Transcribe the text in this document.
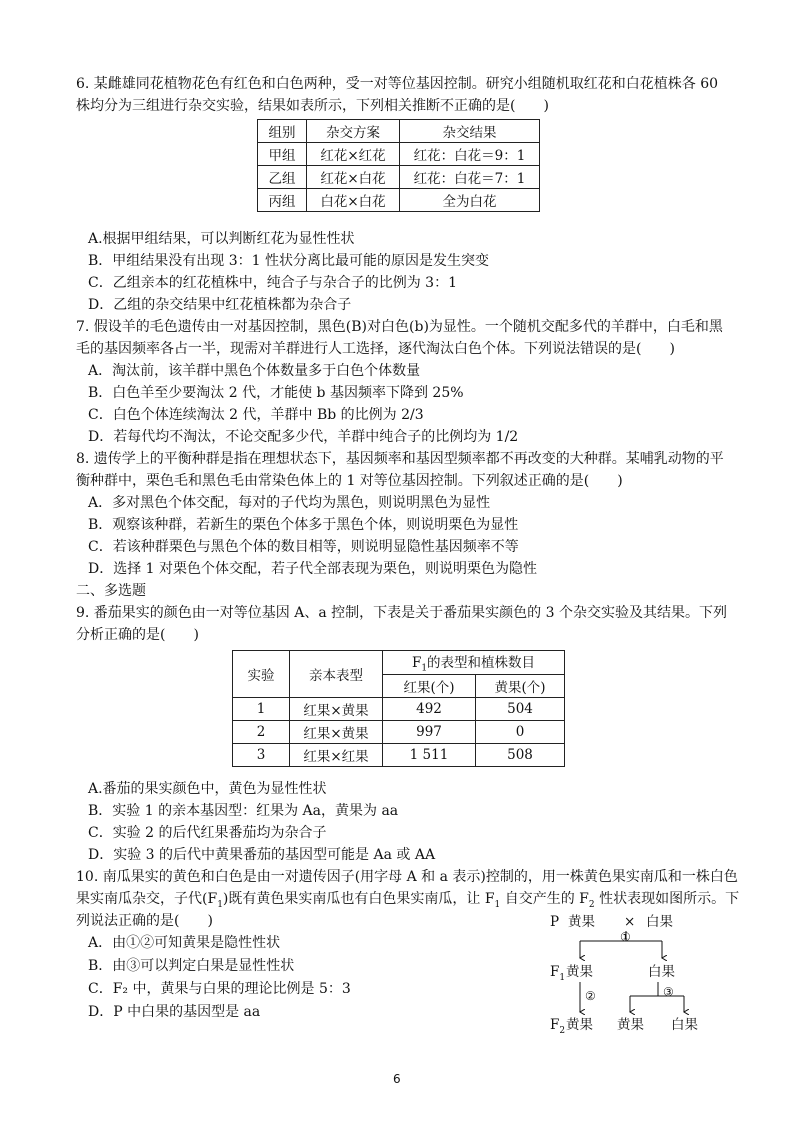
6. 某雌雄同花植物花色有红色和白色两种，受一对等位基因控制。研究小组随机取红花和白花植株各 60
株均分为三组进行杂交实验，结果如表所示，下列相关推断不正确的是(　　)
组别	杂交方案	杂交结果
甲组	红花×红花	红花：白花＝9：1
乙组	红花×白花	红花：白花＝7：1
丙组	白花×白花	全为白花
A.根据甲组结果，可以判断红花为显性性状
B．甲组结果没有出现 3：1 性状分离比最可能的原因是发生突变
C．乙组亲本的红花植株中，纯合子与杂合子的比例为 3：1
D．乙组的杂交结果中红花植株都为杂合子
7. 假设羊的毛色遗传由一对基因控制，黑色(B)对白色(b)为显性。一个随机交配多代的羊群中，白毛和黑
毛的基因频率各占一半，现需对羊群进行人工选择，逐代淘汰白色个体。下列说法错误的是(　　)
A．淘汰前，该羊群中黑色个体数量多于白色个体数量
B．白色羊至少要淘汰 2 代，才能使 b 基因频率下降到 25%
C．白色个体连续淘汰 2 代，羊群中 Bb 的比例为 2/3
D．若每代均不淘汰，不论交配多少代，羊群中纯合子的比例均为 1/2
8. 遗传学上的平衡种群是指在理想状态下，基因频率和基因型频率都不再改变的大种群。某哺乳动物的平
衡种群中，栗色毛和黑色毛由常染色体上的 1 对等位基因控制。下列叙述正确的是(　　)
A．多对黑色个体交配，每对的子代均为黑色，则说明黑色为显性
B．观察该种群，若新生的栗色个体多于黑色个体，则说明栗色为显性
C．若该种群栗色与黑色个体的数目相等，则说明显隐性基因频率不等
D．选择 1 对栗色个体交配，若子代全部表现为栗色，则说明栗色为隐性
二、多选题
9. 番茄果实的颜色由一对等位基因 A、a 控制，下表是关于番茄果实颜色的 3 个杂交实验及其结果。下列
分析正确的是(　　)
实验	亲本表型	$F_1$的表型和植株数目	
		红果(个)	黄果(个)
1	红果×黄果	492	504
2	红果×黄果	997	0
3	红果×红果	1 511	508
A.番茄的果实颜色中，黄色为显性性状
B．实验 1 的亲本基因型：红果为 Aa，黄果为 aa
C．实验 2 的后代红果番茄均为杂合子
D．实验 3 的后代中黄果番茄的基因型可能是 Aa 或 AA
10. 南瓜果实的黄色和白色是由一对遗传因子(用字母 A 和 a 表示)控制的，用一株黄色果实南瓜和一株白色
果实南瓜杂交，子代$(F_1)$既有黄色果实南瓜也有白色果实南瓜，让 $F_1$ 自交产生的 $F_2$ 性状表现如图所示。下
列说法正确的是(　　)
A．由①②可知黄果是隐性性状
B．由③可以判定白果是显性性状
C．F₂ 中，黄果与白果的理论比例是 5：3
D．P 中白果的基因型是 aa
P 黄果 × 白果
①
$F_1$ 黄果	白果
②	③
$F_2$ 黄果 黄果 白果
6
